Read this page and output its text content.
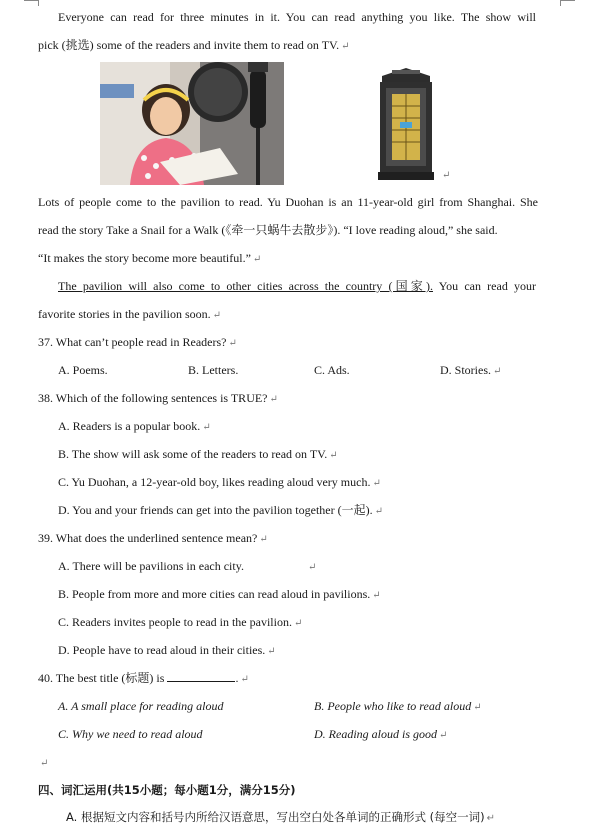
Everyone can read for three minutes in it. You can read anything you like. The show will
pick (挑选) some of the readers and invite them to read on TV. ↵
↵
Lots of people come to the pavilion to read. Yu Duohan is an 11-year-old girl from Shanghai. She
read the story Take a Snail for a Walk (《牵一只蜗牛去散步》). “I love reading aloud,” she said.
“It makes the story become more beautiful.” ↵
The pavilion will also come to other cities across the country (国家). You can read your
favorite stories in the pavilion soon. ↵
37. What can’t people read in Readers? ↵
A. Poems.	B. Letters.	C. Ads.	D. Stories. ↵
38. Which of the following sentences is TRUE? ↵
A. Readers is a popular book. ↵
B. The show will ask some of the readers to read on TV. ↵
C. Yu Duohan, a 12-year-old boy, likes reading aloud very much. ↵
D. You and your friends can get into the pavilion together (一起). ↵
39. What does the underlined sentence mean? ↵
A. There will be pavilions in each city.	↵
B. People from more and more cities can read aloud in pavilions. ↵
C. Readers invites people to read in the pavilion. ↵
D. People have to read aloud in their cities. ↵
40. The best title (标题) is	. ↵
A. A small place for reading aloud	B. People who like to read aloud ↵
C. Why we need to read aloud	D. Reading aloud is good ↵
↵
四、词汇运用(共15小题；每小题1分，满分15分)
A. 根据短文内容和括号内所给汉语意思，写出空白处各单词的正确形式 (每空一词) ↵
